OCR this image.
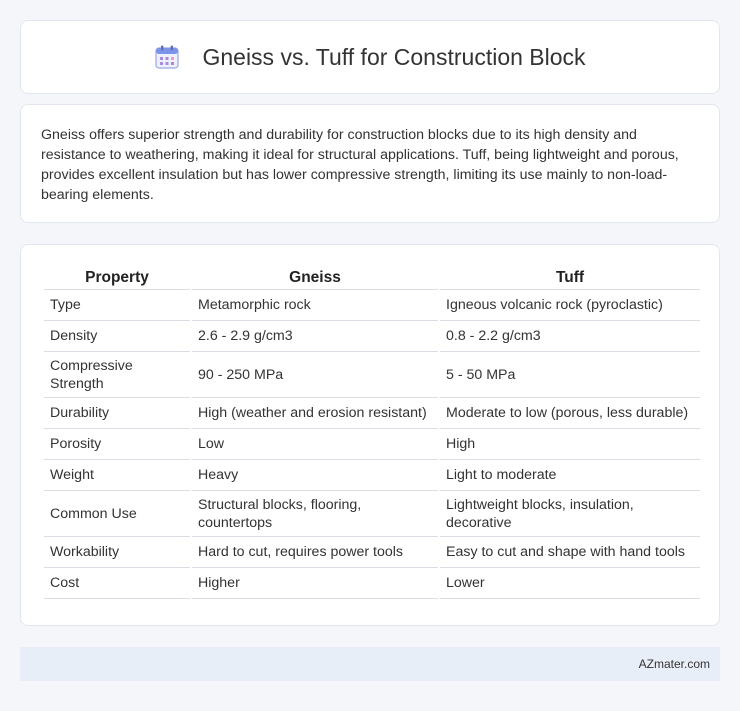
Gneiss vs. Tuff for Construction Block

Gneiss offers superior strength and durability for construction blocks due to its high density and resistance to weathering, making it ideal for structural applications. Tuff, being lightweight and porous, provides excellent insulation but has lower compressive strength, limiting its use mainly to non-load-bearing elements.

Property	Gneiss	Tuff
Type	Metamorphic rock	Igneous volcanic rock (pyroclastic)
Density	2.6 - 2.9 g/cm3	0.8 - 2.2 g/cm3
Compressive Strength	90 - 250 MPa	5 - 50 MPa
Durability	High (weather and erosion resistant)	Moderate to low (porous, less durable)
Porosity	Low	High
Weight	Heavy	Light to moderate
Common Use	Structural blocks, flooring, countertops	Lightweight blocks, insulation, decorative
Workability	Hard to cut, requires power tools	Easy to cut and shape with hand tools
Cost	Higher	Lower
AZmater.com
